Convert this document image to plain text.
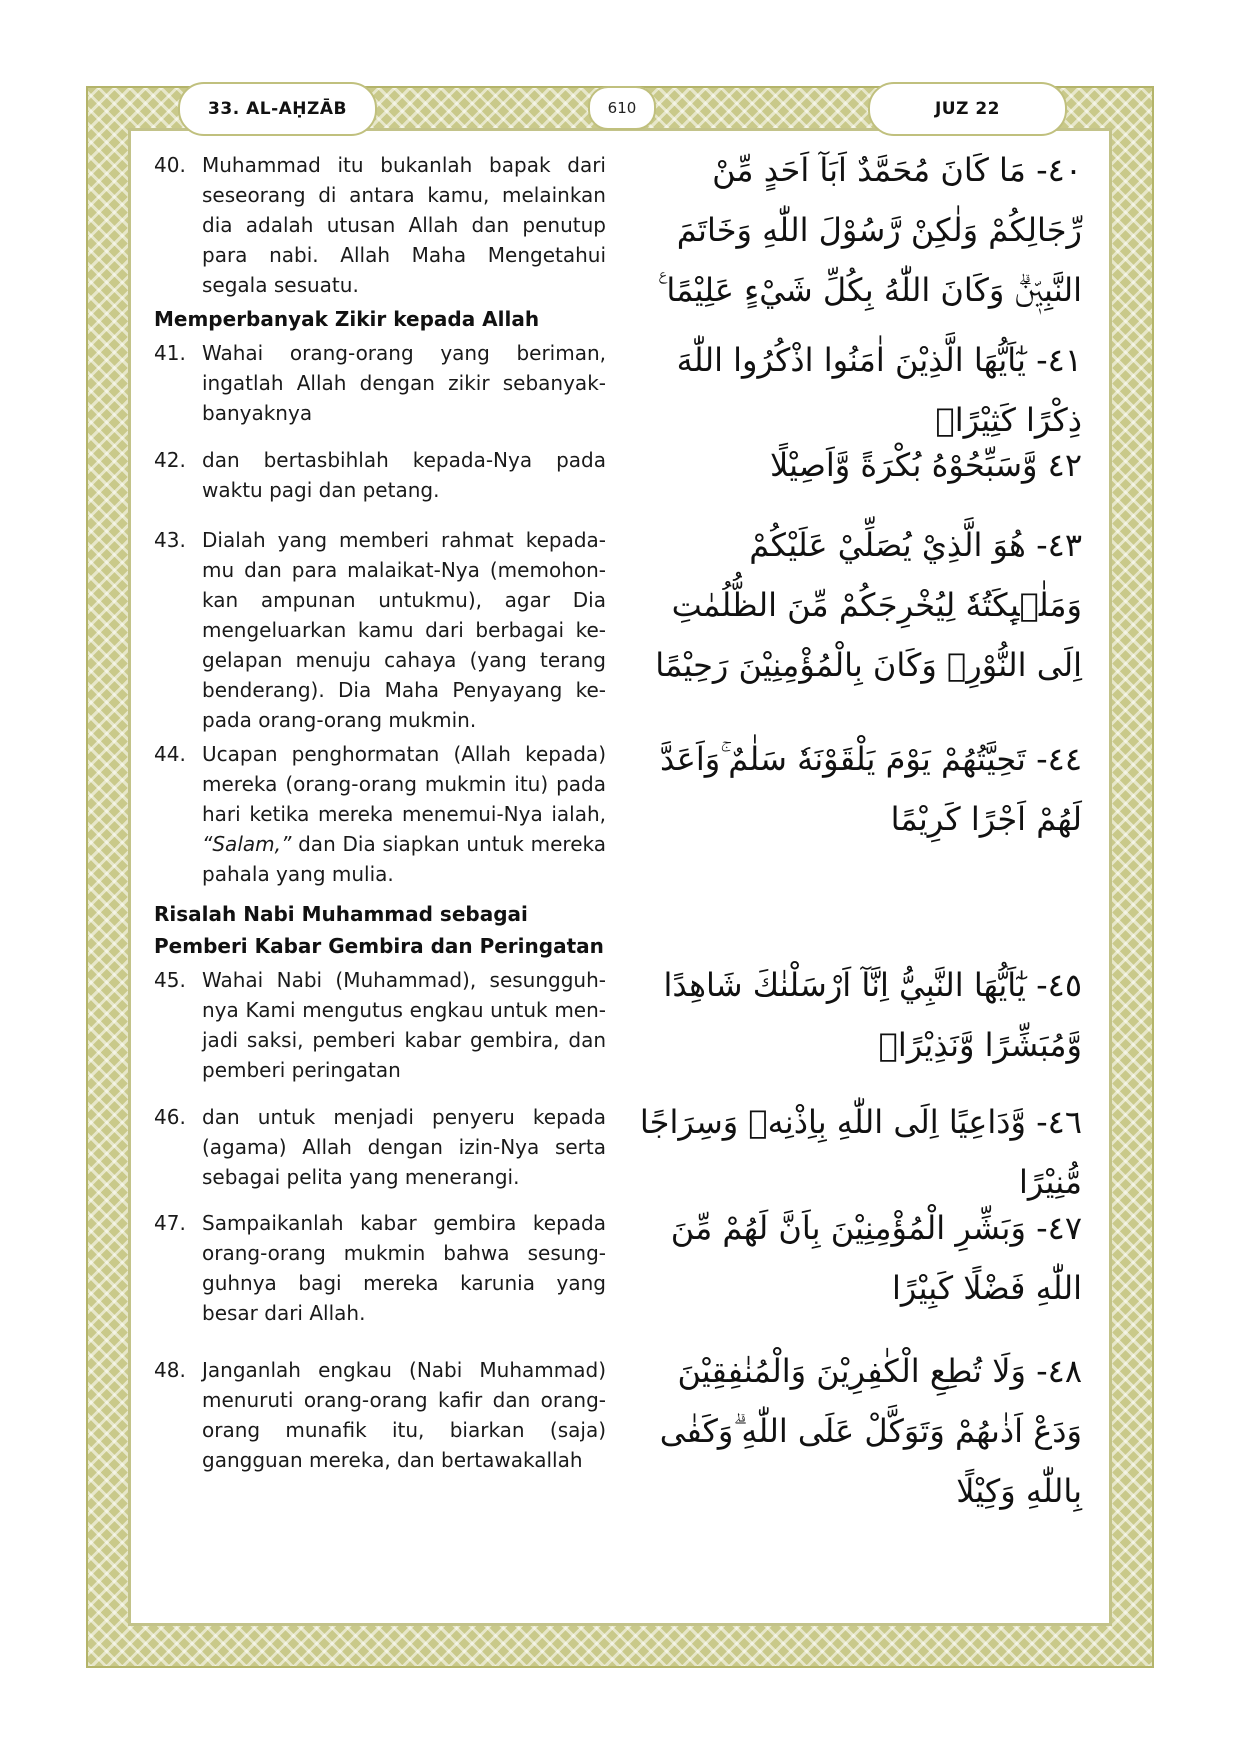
33. AL-AḤZĀB	610	JUZ 22
40. Muhammad itu bukanlah bapak dari seseorang di antara kamu, melainkan dia adalah utusan Allah dan penutup para nabi. Allah Maha Mengetahui segala sesuatu.
٤٠- مَا كَانَ مُحَمَّدٌ اَبَآ اَحَدٍ مِّنْ رِّجَالِكُمْ وَلٰكِنْ رَّسُوْلَ اللّٰهِ وَخَاتَمَ النَّبِيّٖنَۗ وَكَانَ اللّٰهُ بِكُلِّ شَيْءٍ عَلِيْمًا ࣖ
Memperbanyak Zikir kepada Allah
41. Wahai orang-orang yang beriman, ingatlah Allah dengan zikir sebanyak-banyaknya
٤١- يٰٓاَيُّهَا الَّذِيْنَ اٰمَنُوا اذْكُرُوا اللّٰهَ ذِكْرًا كَثِيْرًاۙ
42. dan bertasbihlah kepada-Nya pada waktu pagi dan petang.
٤٢ وَّسَبِّحُوْهُ بُكْرَةً وَّاَصِيْلًا
43. Dialah yang memberi rahmat kepada-mu dan para malaikat-Nya (memohon-kan ampunan untukmu), agar Dia mengeluarkan kamu dari berbagai ke-gelapan menuju cahaya (yang terang benderang). Dia Maha Penyayang ke-pada orang-orang mukmin.
٤٣- هُوَ الَّذِيْ يُصَلِّيْ عَلَيْكُمْ وَمَلٰۤىِٕكَتُهٗ لِيُخْرِجَكُمْ مِّنَ الظُّلُمٰتِ اِلَى النُّوْرِۗ وَكَانَ بِالْمُؤْمِنِيْنَ رَحِيْمًا
44. Ucapan penghormatan (Allah kepada) mereka (orang-orang mukmin itu) pada hari ketika mereka menemui-Nya ialah, “Salam,” dan Dia siapkan untuk mereka pahala yang mulia.
٤٤- تَحِيَّتُهُمْ يَوْمَ يَلْقَوْنَهٗ سَلٰمٌ ۚوَاَعَدَّ لَهُمْ اَجْرًا كَرِيْمًا
Risalah Nabi Muhammad sebagai
Pemberi Kabar Gembira dan Peringatan
45. Wahai Nabi (Muhammad), sesungguh-nya Kami mengutus engkau untuk men-jadi saksi, pemberi kabar gembira, dan pemberi peringatan
٤٥- يٰٓاَيُّهَا النَّبِيُّ اِنَّآ اَرْسَلْنٰكَ شَاهِدًا وَّمُبَشِّرًا وَّنَذِيْرًاۙ
46. dan untuk menjadi penyeru kepada (agama) Allah dengan izin-Nya serta sebagai pelita yang menerangi.
٤٦- وَّدَاعِيًا اِلَى اللّٰهِ بِاِذْنِهٖ وَسِرَاجًا مُّنِيْرًا
47. Sampaikanlah kabar gembira kepada orang-orang mukmin bahwa sesung-guhnya bagi mereka karunia yang besar dari Allah.
٤٧- وَبَشِّرِ الْمُؤْمِنِيْنَ بِاَنَّ لَهُمْ مِّنَ اللّٰهِ فَضْلًا كَبِيْرًا
48. Janganlah engkau (Nabi Muhammad) menuruti orang-orang kafir dan orang-orang munafik itu, biarkan (saja) gangguan mereka, dan bertawakallah
٤٨- وَلَا تُطِعِ الْكٰفِرِيْنَ وَالْمُنٰفِقِيْنَ وَدَعْ اَذٰىهُمْ وَتَوَكَّلْ عَلَى اللّٰهِ ۗوَكَفٰى بِاللّٰهِ وَكِيْلًا
